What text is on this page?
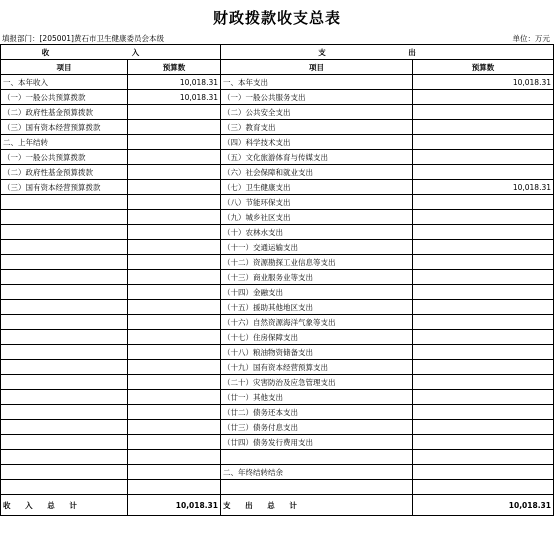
财政拨款收支总表
填报部门：[205001]黄石市卫生健康委员会本级	单位：万元
收 入		支 出	
项目	预算数	项目	预算数
一、本年收入	10,018.31	一、本年支出	10,018.31
（一）一般公共预算拨款	10,018.31	（一）一般公共服务支出	
（二）政府性基金预算拨款		（二）公共安全支出	
（三）国有资本经营预算拨款		（三）教育支出	
二、上年结转		（四）科学技术支出	
（一）一般公共预算拨款		（五）文化旅游体育与传媒支出	
（二）政府性基金预算拨款		（六）社会保障和就业支出	
（三）国有资本经营预算拨款		（七）卫生健康支出	10,018.31
		（八）节能环保支出	
		（九）城乡社区支出	
		（十）农林水支出	
		（十一）交通运输支出	
		（十二）资源勘探工业信息等支出	
		（十三）商业服务业等支出	
		（十四）金融支出	
		（十五）援助其他地区支出	
		（十六）自然资源海洋气象等支出	
		（十七）住房保障支出	
		（十八）粮油物资储备支出	
		（十九）国有资本经营预算支出	
		（二十）灾害防治及应急管理支出	
		（廿一）其他支出	
		（廿二）债务还本支出	
		（廿三）债务付息支出	
		（廿四）债务发行费用支出	

		二、年终结转结余	

收 入 总 计	10,018.31	支 出 总 计	10,018.31
